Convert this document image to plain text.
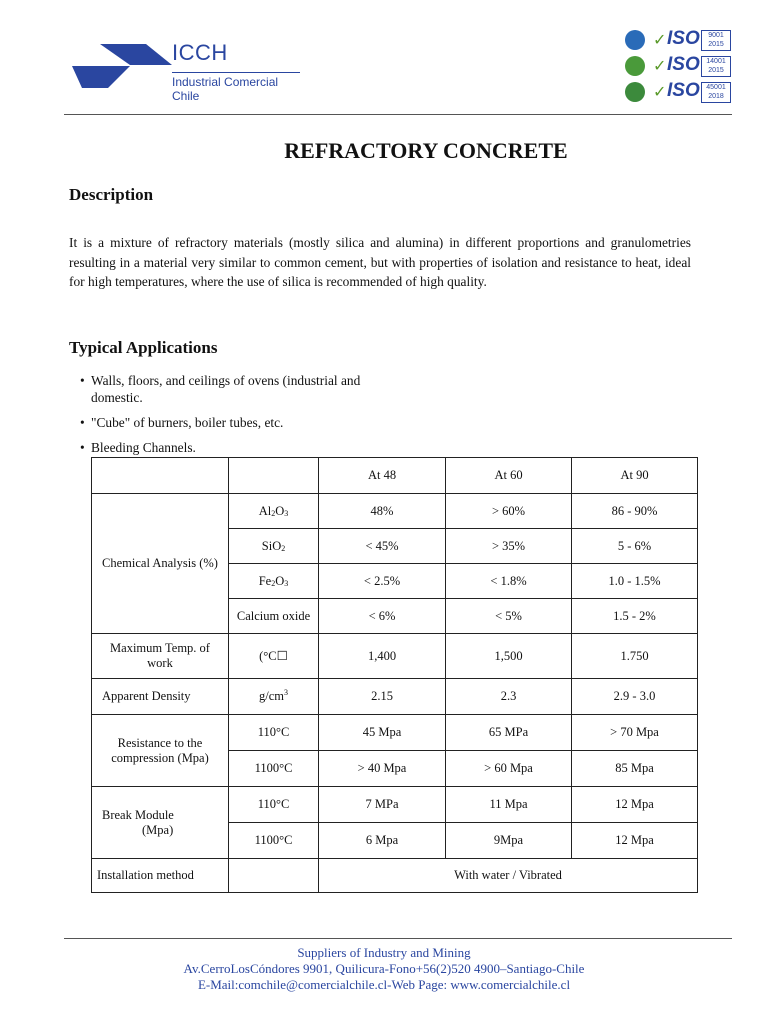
ICCH
Industrial Comercial Chile
✓ ISO	9001
2015
✓ ISO 14001
2015
✓ ISO 45001
2018
REFRACTORY CONCRETE
Description
It is a mixture of refractory materials (mostly silica and alumina) in different proportions and granulometries resulting in a material very similar to common cement, but with properties of isolation and resistance to heat, ideal for high temperatures, where the use of silica is recommended of high quality.
Typical Applications
• Walls, floors, and ceilings of ovens (industrial and
domestic.
• "Cube" of burners, boiler tubes, etc.
• Bleeding Channels.
		At 48	At 60	At 90
Chemical Analysis (%)	$Al_2O_3$	48%	> 60%	86 - 90%
	SiO$_2$	< 45%	> 35%	5 - 6%
	$Fe_2O_3$	< 2.5%	< 1.8%	1.0 - 1.5%
	Calcium oxide	< 6%	< 5%	1.5 - 2%
Maximum Temp. of work	(°C☐	1,400	1,500	1.750
Apparent Density	$g/cm^3$	2.15	2.3	2.9 - 3.0
Resistance to the compression (Mpa)	110°C	45 Mpa	65 MPa	> 70 Mpa
	1100°C	> 40 Mpa	> 60 Mpa	85 Mpa
Break Module
(Mpa)	110°C	7 MPa	11 Mpa	12 Mpa
	1100°C	6 Mpa	9Mpa	12 Mpa
Installation method		With water / Vibrated		
Suppliers of Industry and Mining
Av.CerroLosCóndores 9901, Quilicura-Fono+56(2)520 4900–Santiago-Chile
E-Mail:comchile@comercialchile.cl-Web Page: www.comercialchile.cl
